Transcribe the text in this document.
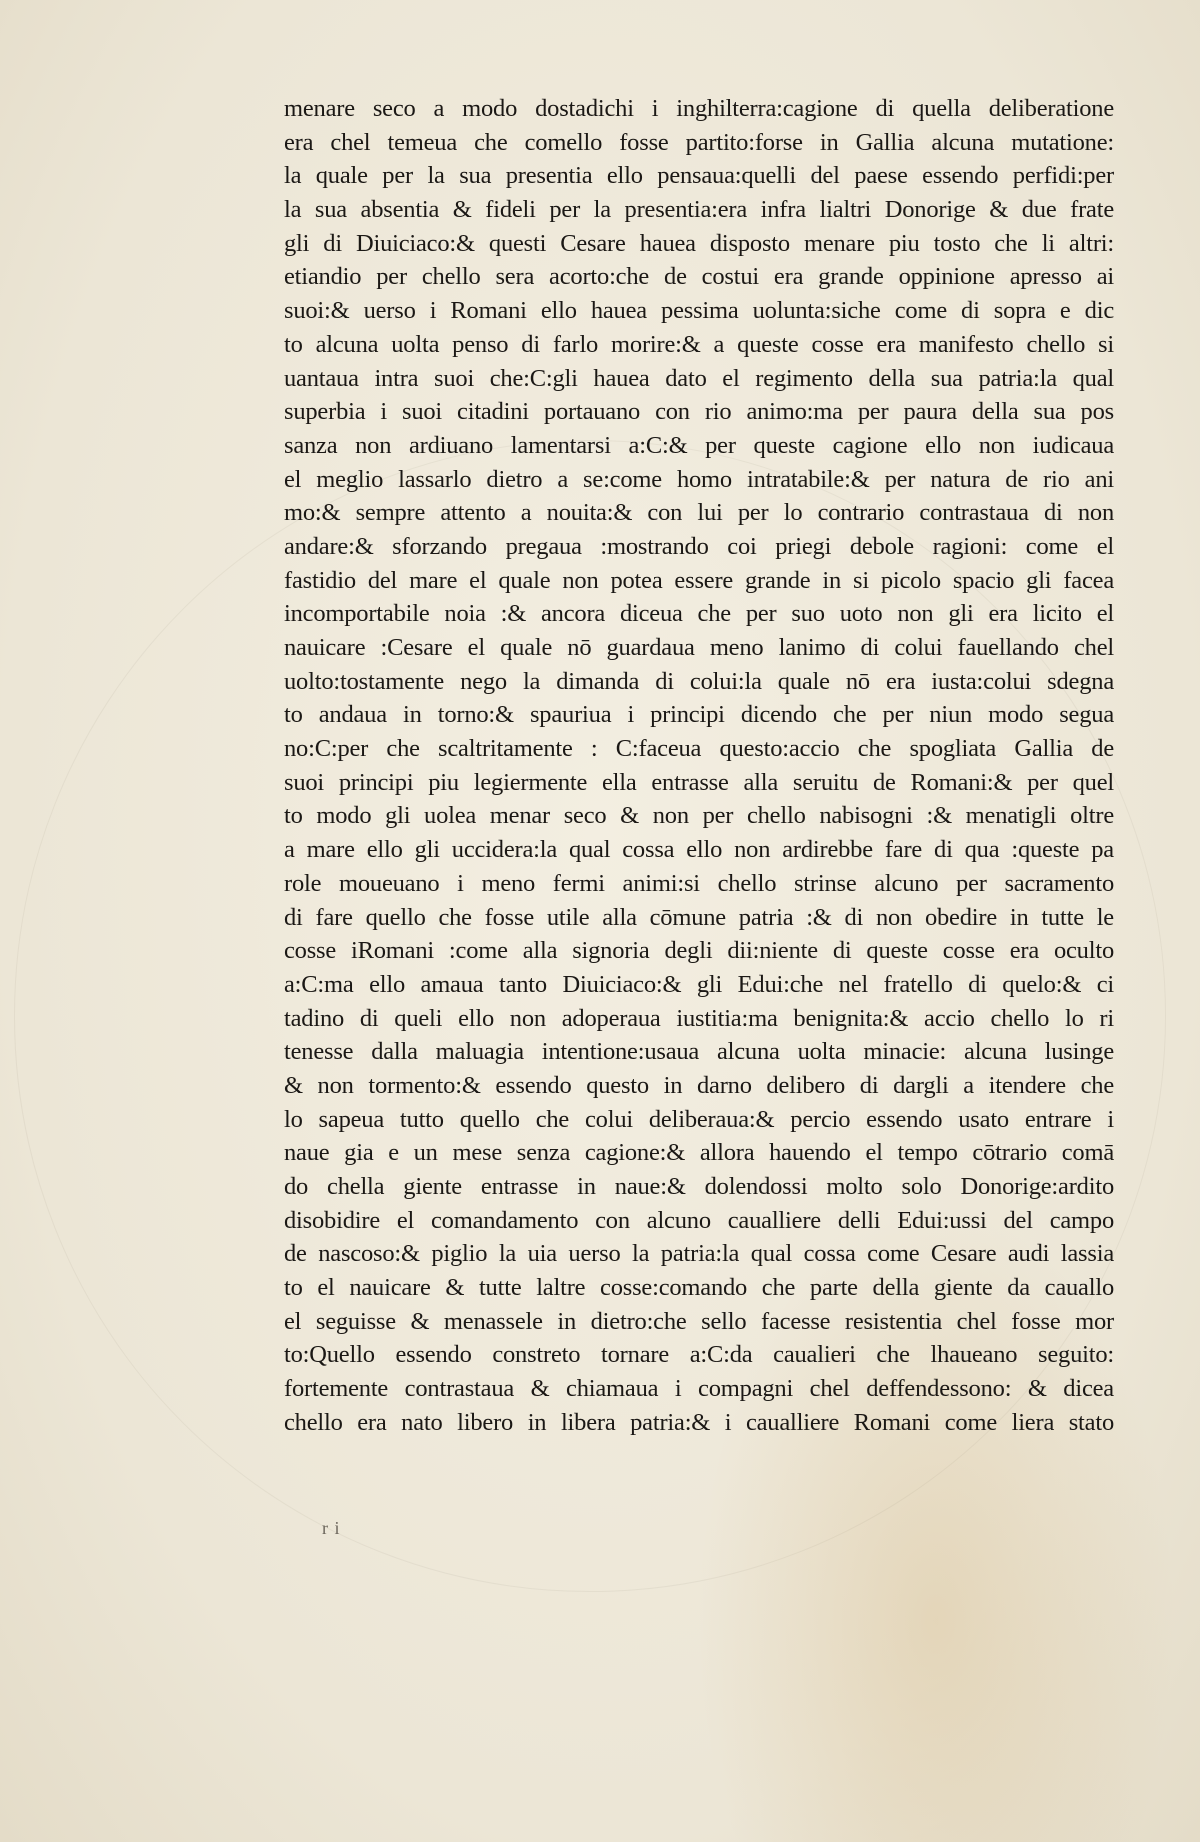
menare seco a modo dostadichi i inghilterra:cagione di quella deliberatione
era chel temeua che comello fosse partito:forse in Gallia alcuna mutatione:
la quale per la sua presentia ello pensaua:quelli del paese essendo perfidi:per
la sua absentia & fideli per la presentia:era infra lialtri Donorige & due frate
gli di Diuiciaco:& questi Cesare hauea disposto menare piu tosto che li altri:
etiandio per chello sera acorto:che de costui era grande oppinione apresso ai
suoi:& uerso i Romani ello hauea pessima uolunta:siche come di sopra e dic
to alcuna uolta penso di farlo morire:& a queste cosse era manifesto chello si
uantaua intra suoi che:C:gli hauea dato el regimento della sua patria:la qual
superbia i suoi citadini portauano con rio animo:ma per paura della sua pos
sanza non ardiuano lamentarsi a:C:& per queste cagione ello non iudicaua
el meglio lassarlo dietro a se:come homo intratabile:& per natura de rio ani
mo:& sempre attento a nouita:& con lui per lo contrario contrastaua di non
andare:& sforzando pregaua :mostrando coi priegi debole ragioni: come el
fastidio del mare el quale non potea essere grande in si picolo spacio gli facea
incomportabile noia :& ancora diceua che per suo uoto non gli era licito el
nauicare :Cesare el quale nō guardaua meno lanimo di colui fauellando chel
uolto:tostamente nego la dimanda di colui:la quale nō era iusta:colui sdegna
to andaua in torno:& spauriua i principi dicendo che per niun modo segua
no:C:per che scaltritamente : C:faceua questo:accio che spogliata Gallia de
suoi principi piu legiermente ella entrasse alla seruitu de Romani:& per quel
to modo gli uolea menar seco & non per chello nabisogni :& menatigli oltre
a mare ello gli uccidera:la qual cossa ello non ardirebbe fare di qua :queste pa
role moueuano i meno fermi animi:si chello strinse alcuno per sacramento
di fare quello che fosse utile alla cōmune patria :& di non obedire in tutte le
cosse iRomani :come alla signoria degli dii:niente di queste cosse era oculto
a:C:ma ello amaua tanto Diuiciaco:& gli Edui:che nel fratello di quelo:& ci
tadino di queli ello non adoperaua iustitia:ma benignita:& accio chello lo ri
tenesse dalla maluagia intentione:usaua alcuna uolta minacie: alcuna lusinge
& non tormento:& essendo questo in darno delibero di dargli a itendere che
lo sapeua tutto quello che colui deliberaua:& percio essendo usato entrare i
naue gia e un mese senza cagione:& allora hauendo el tempo cōtrario comā
do chella giente entrasse in naue:& dolendossi molto solo Donorige:ardito
disobidire el comandamento con alcuno caualliere delli Edui:ussi del campo
de nascoso:& piglio la uia uerso la patria:la qual cossa come Cesare audi lassia
to el nauicare & tutte laltre cosse:comando che parte della giente da cauallo
el seguisse & menassele in dietro:che sello facesse resistentia chel fosse mor
to:Quello essendo constreto tornare a:C:da caualieri che lhaueano seguito:
fortemente contrastaua & chiamaua i compagni chel deffendessono: & dicea
chello era nato libero in libera patria:& i caualliere Romani come liera stato
r i
